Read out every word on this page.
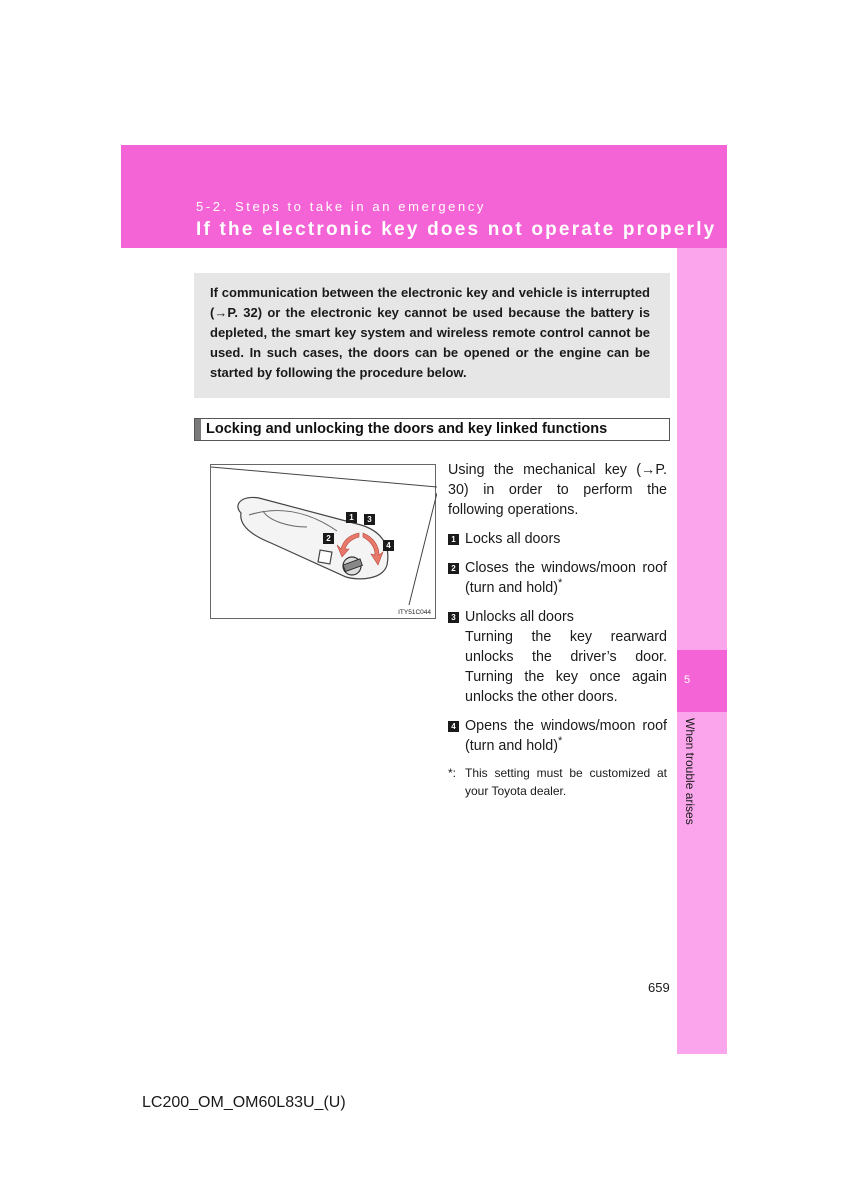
5-2. Steps to take in an emergency
If the electronic key does not operate properly
5
When trouble arises
If communication between the electronic key and vehicle is interrupted (→P. 32) or the electronic key cannot be used because the battery is depleted, the smart key system and wireless remote control cannot be used. In such cases, the doors can be opened or the engine can be started by following the procedure below.
Locking and unlocking the doors and key linked functions
1
2
3
4
ITY51C044
Using the mechanical key (→P. 30) in order to perform the following operations.
1 Locks all doors
2 Closes the windows/moon roof (turn and hold)*
3 Unlocks all doors
Turning the key rearward unlocks the driver’s door. Turning the key once again unlocks the other doors.
4 Opens the windows/moon roof (turn and hold)*
*: This setting must be customized at your Toyota dealer.
659
LC200_OM_OM60L83U_(U)
